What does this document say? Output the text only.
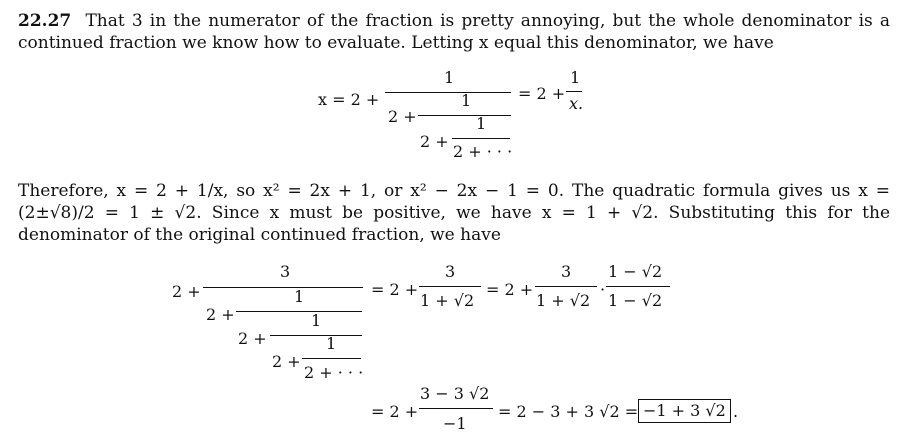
22.27 That 3 in the numerator of the fraction is pretty annoying, but the whole denominator is a continued fraction we know how to evaluate. Letting x equal this denominator, we have
x = 2 +
1
2 +
1
2 +
1
2 + · · ·
= 2 +
1
x.
Therefore, x = 2 + 1/x, so x² = 2x + 1, or x² − 2x − 1 = 0. The quadratic formula gives us x = (2±√8)/2 = 1 ± √2. Since x must be positive, we have x = 1 + √2. Substituting this for the denominator of the original continued fraction, we have
2 +
3
2 +
1
2 +
1
2 +
1
2 + · · ·
= 2 +
3
1 + √2
= 2 +
3
1 + √2
·
1 − √2
1 − √2
= 2 +
3 − 3 √2
−1
= 2 − 3 + 3 √2 = −1 + 3 √2 .
